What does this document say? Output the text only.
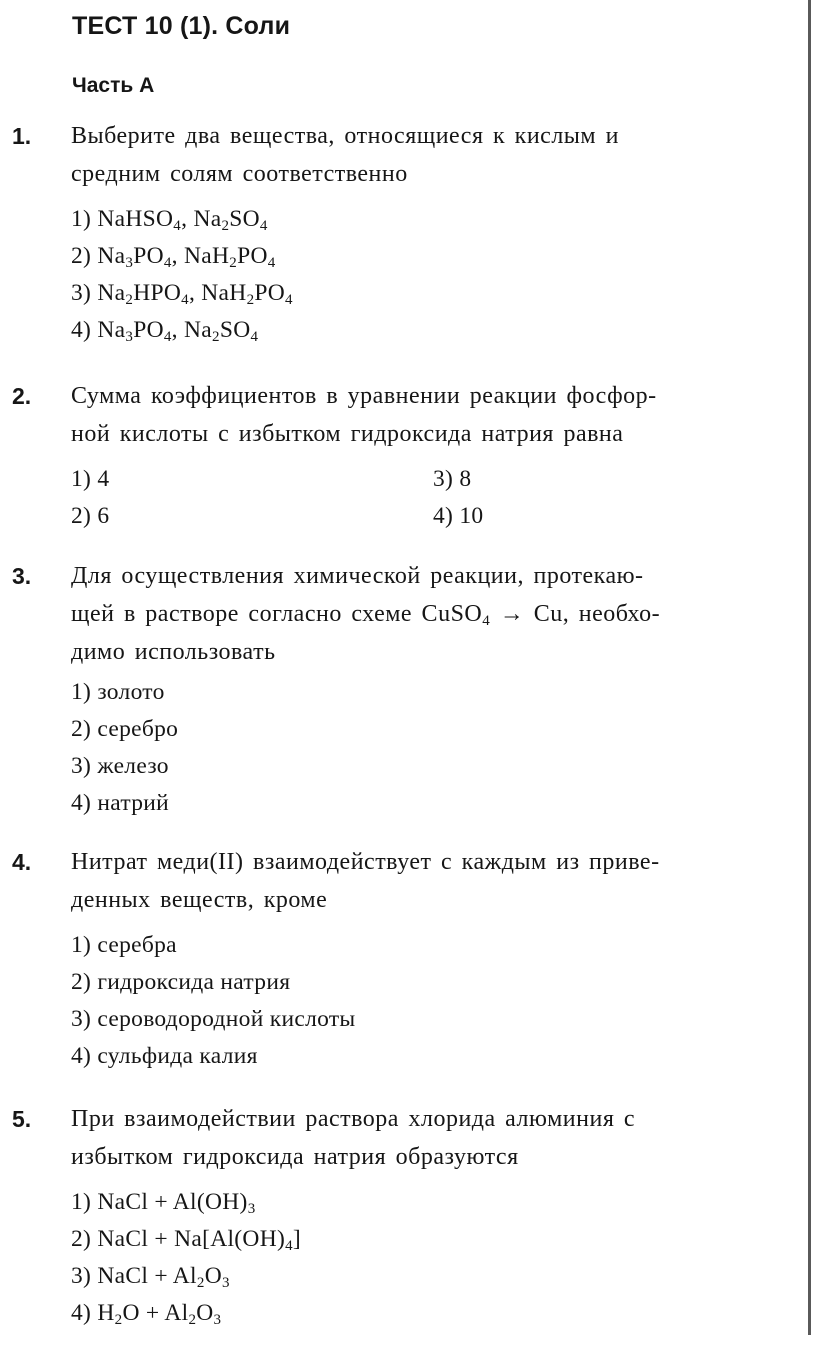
ТЕСТ 10 (1). Соли
Часть А
1. Выберите два вещества, относящиеся к кислым и
средним солям соответственно
1) NaHSO$_4$, $Na_2SO_4$
2) $Na_3PO_4$, $NaH_2PO_4$
3) $Na_2HPO_4$, $NaH_2PO_4$
4) $Na_3PO_4$, $Na_2SO_4$
2. Сумма коэффициентов в уравнении реакции фосфор-
ной кислоты с избытком гидроксида натрия равна
1) 4
2) 6
3) 8
4) 10
3. Для осуществления химической реакции, протекаю-
щей в растворе согласно схеме CuSO$_4$ → Cu, необхо-
димо использовать
1) золото
2) серебро
3) железо
4) натрий
4. Нитрат меди(II) взаимодействует с каждым из приве-
денных веществ, кроме
1) серебра
2) гидроксида натрия
3) сероводородной кислоты
4) сульфида калия
5. При взаимодействии раствора хлорида алюминия с
избытком гидроксида натрия образуются
1) NaCl + $Al(OH)_3$
2) NaCl + $Na[Al(OH)_4]$
3) NaCl + $Al_2O_3$
4) $H_2O + Al_2O_3$
